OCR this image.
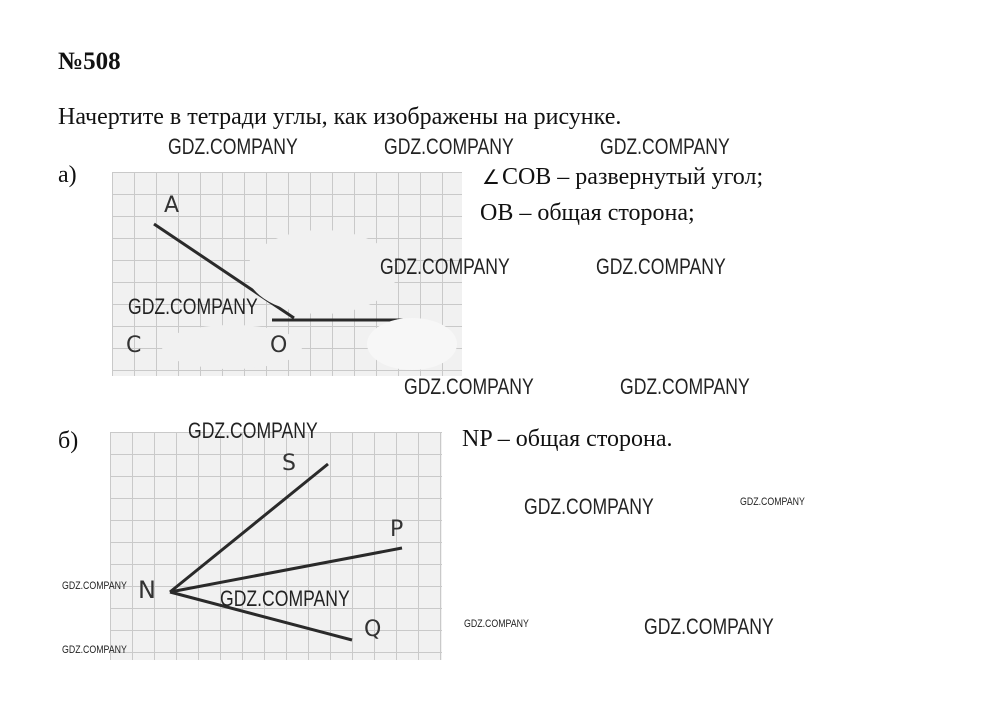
№508
Начертите в тетради углы, как изображены на рисунке.
а)
A
C	O
∠COB – развернутый угол;
OB – общая сторона;
б)
S
P
N
Q
NP – общая сторона.
GDZ.COMPANY	GDZ.COMPANY	GDZ.COMPANY
GDZ.COMPANY	GDZ.COMPANY
GDZ.COMPANY
GDZ.COMPANY	GDZ.COMPANY
GDZ.COMPANY
GDZ.COMPANY	GDZ.COMPANY
GDZ.COMPANY	GDZ.COMPANY
GDZ.COMPANY	GDZ.COMPANY
GDZ.COMPANY
